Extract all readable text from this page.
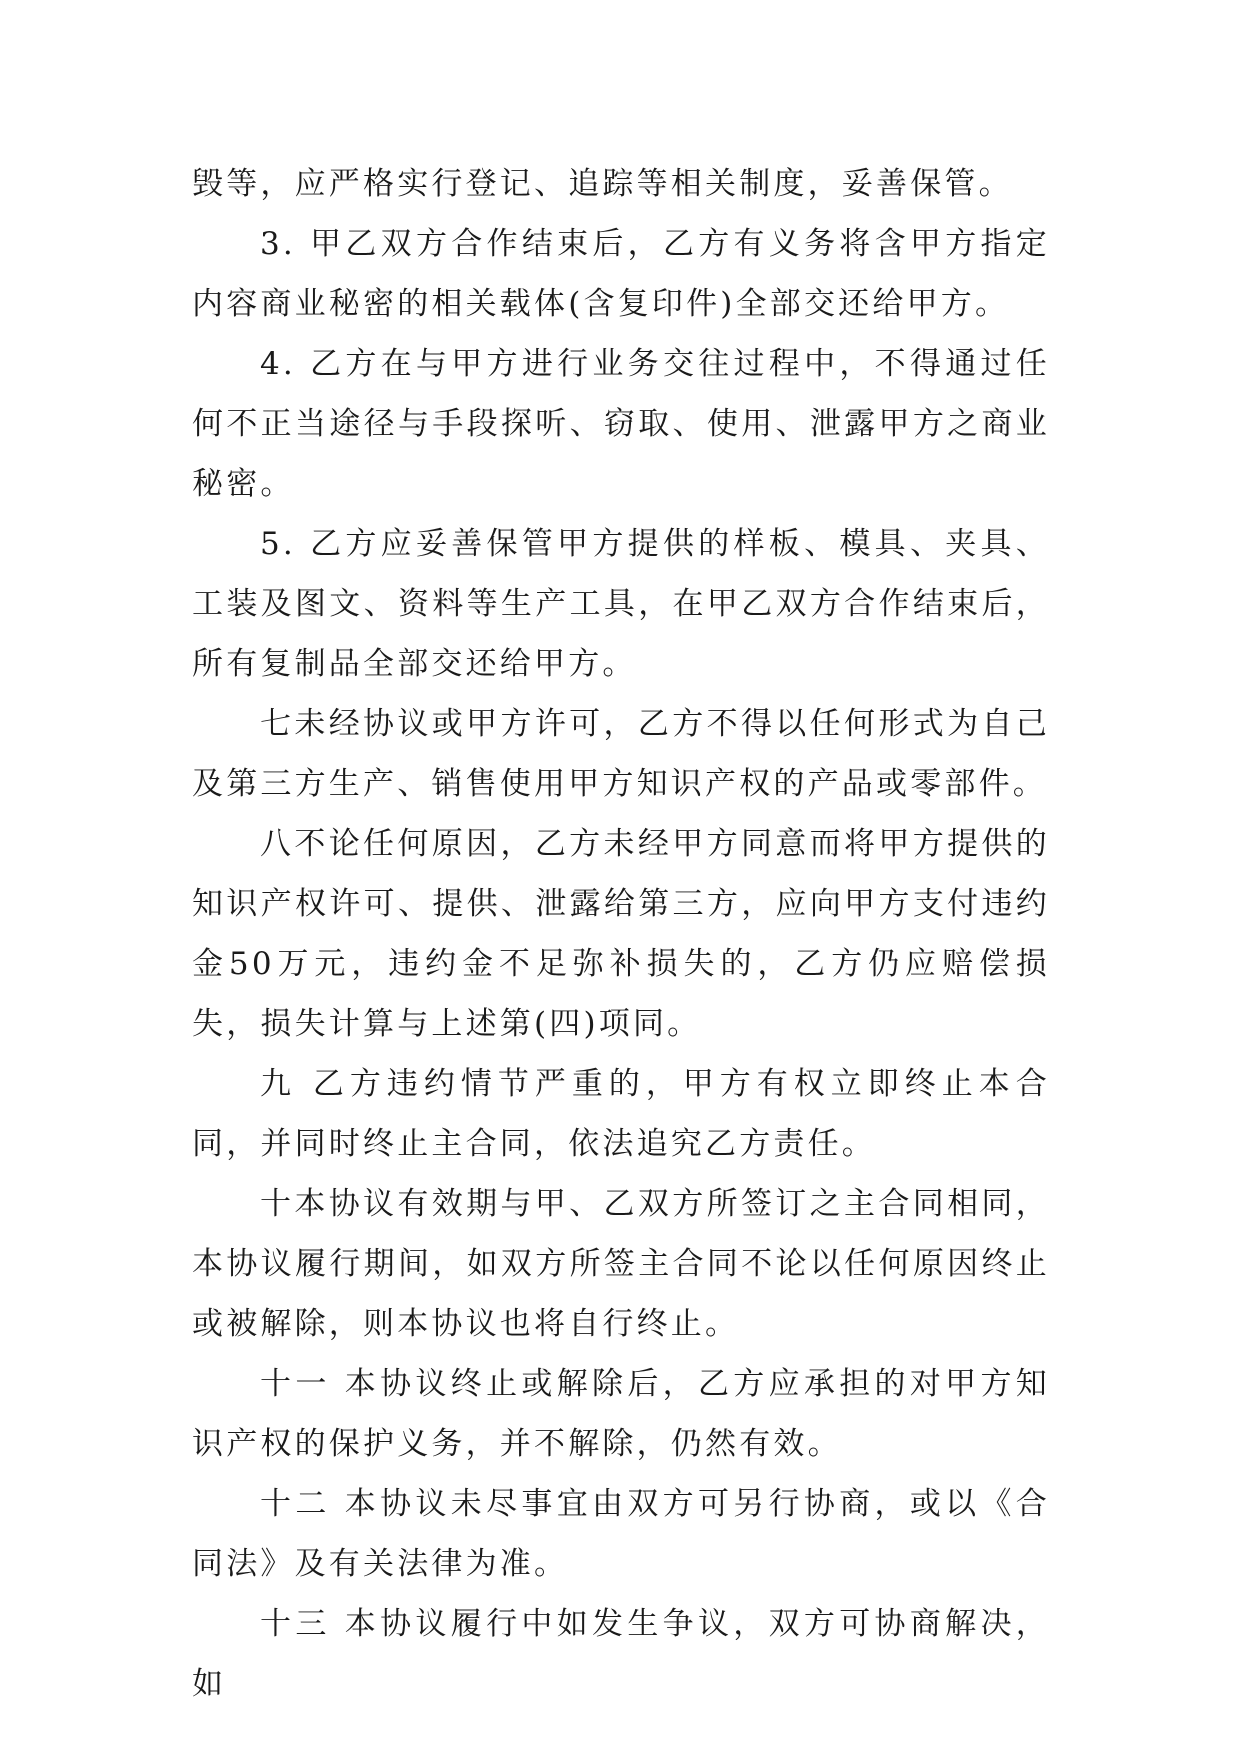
毁等，应严格实行登记、追踪等相关制度，妥善保管。

3. 甲乙双方合作结束后，乙方有义务将含甲方指定内容商业秘密的相关载体(含复印件)全部交还给甲方。

4. 乙方在与甲方进行业务交往过程中，不得通过任何不正当途径与手段探听、窃取、使用、泄露甲方之商业秘密。

5. 乙方应妥善保管甲方提供的样板、模具、夹具、工装及图文、资料等生产工具，在甲乙双方合作结束后，所有复制品全部交还给甲方。

七未经协议或甲方许可，乙方不得以任何形式为自己及第三方生产、销售使用甲方知识产权的产品或零部件。

八不论任何原因，乙方未经甲方同意而将甲方提供的知识产权许可、提供、泄露给第三方，应向甲方支付违约金50万元，违约金不足弥补损失的，乙方仍应赔偿损失，损失计算与上述第(四)项同。

九 乙方违约情节严重的，甲方有权立即终止本合同，并同时终止主合同，依法追究乙方责任。

十本协议有效期与甲、乙双方所签订之主合同相同，本协议履行期间，如双方所签主合同不论以任何原因终止或被解除，则本协议也将自行终止。

十一 本协议终止或解除后，乙方应承担的对甲方知识产权的保护义务，并不解除，仍然有效。

十二 本协议未尽事宜由双方可另行协商，或以《合同法》及有关法律为准。

十三 本协议履行中如发生争议，双方可协商解决，如
